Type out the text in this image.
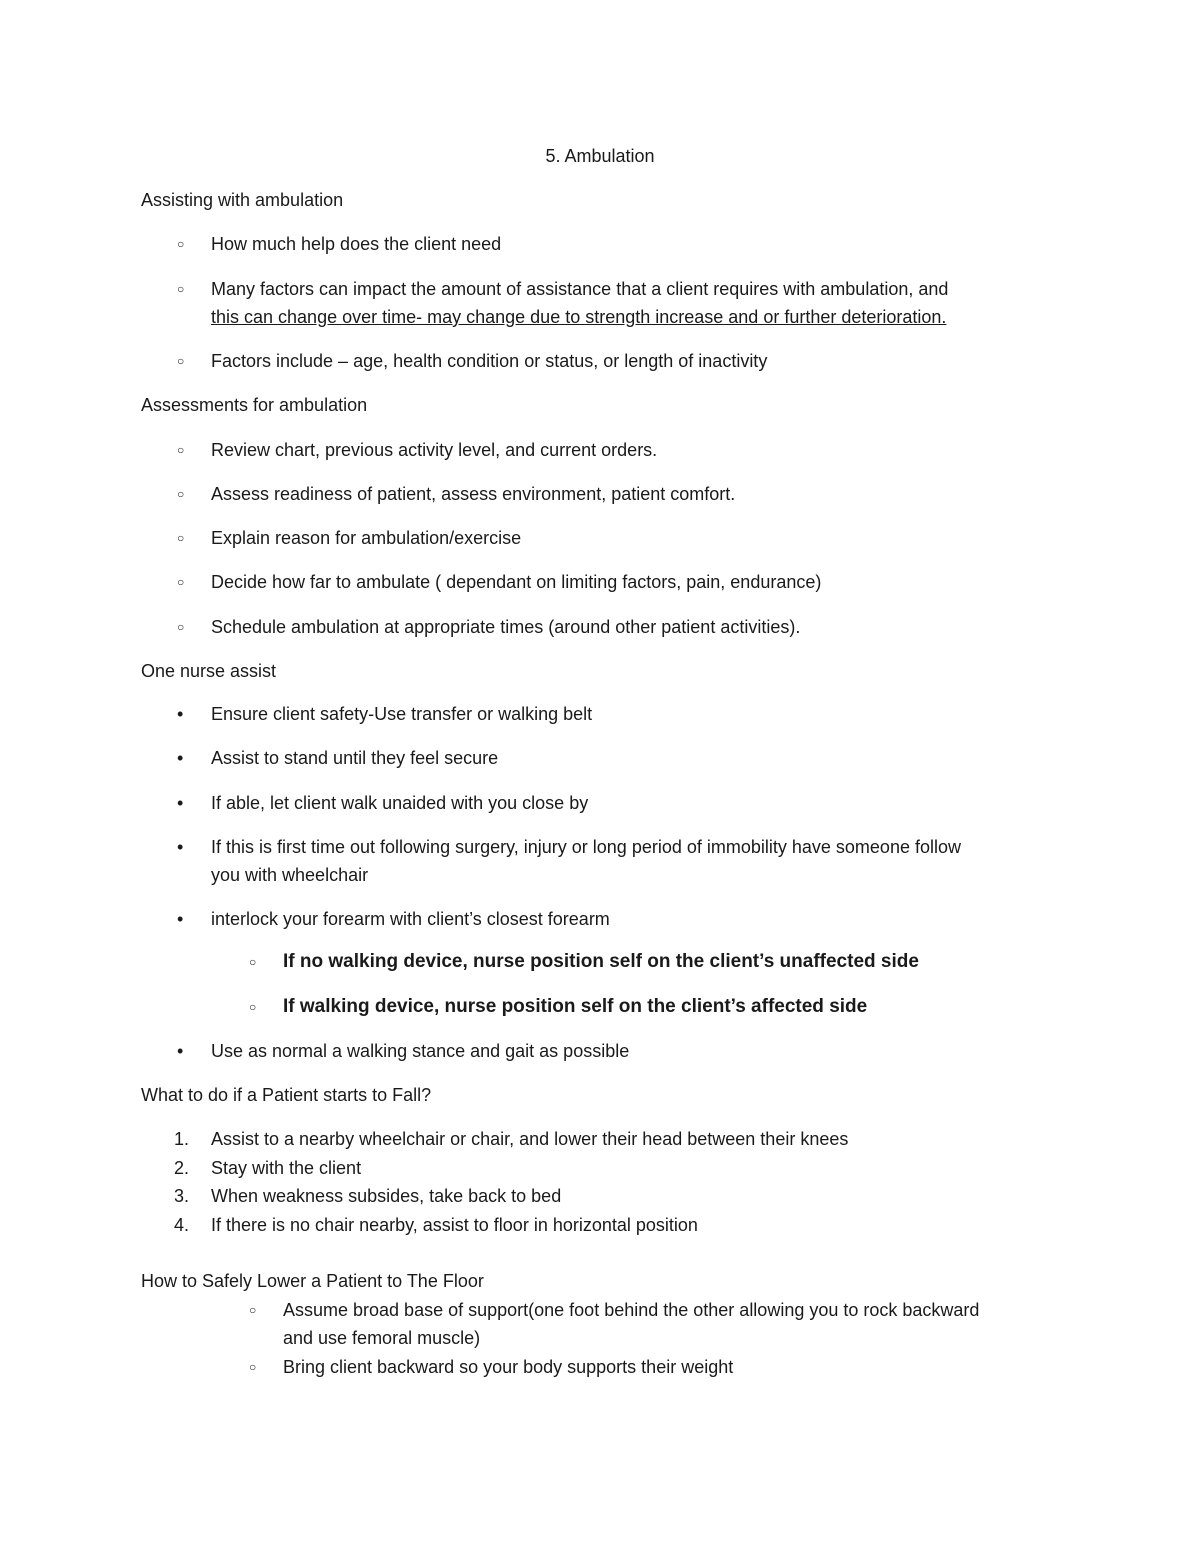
5. Ambulation
Assisting with ambulation
○ How much help does the client need
○ Many factors can impact the amount of assistance that a client requires with ambulation, and
this can change over time- may change due to strength increase and or further deterioration.
○ Factors include – age, health condition or status, or length of inactivity
Assessments for ambulation
○ Review chart, previous activity level, and current orders.
○ Assess readiness of patient, assess environment, patient comfort.
○ Explain reason for ambulation/exercise
○ Decide how far to ambulate ( dependant on limiting factors, pain, endurance)
○ Schedule ambulation at appropriate times (around other patient activities).
One nurse assist
• Ensure client safety-Use transfer or walking belt
• Assist to stand until they feel secure
• If able, let client walk unaided with you close by
• If this is first time out following surgery, injury or long period of immobility have someone follow
you with wheelchair
• interlock your forearm with client’s closest forearm
○ If no walking device, nurse position self on the client’s unaffected side
○ If walking device, nurse position self on the client’s affected side
• Use as normal a walking stance and gait as possible
What to do if a Patient starts to Fall?
1. Assist to a nearby wheelchair or chair, and lower their head between their knees
2. Stay with the client
3. When weakness subsides, take back to bed
4. If there is no chair nearby, assist to floor in horizontal position
How to Safely Lower a Patient to The Floor
○ Assume broad base of support(one foot behind the other allowing you to rock backward
and use femoral muscle)
○ Bring client backward so your body supports their weight
